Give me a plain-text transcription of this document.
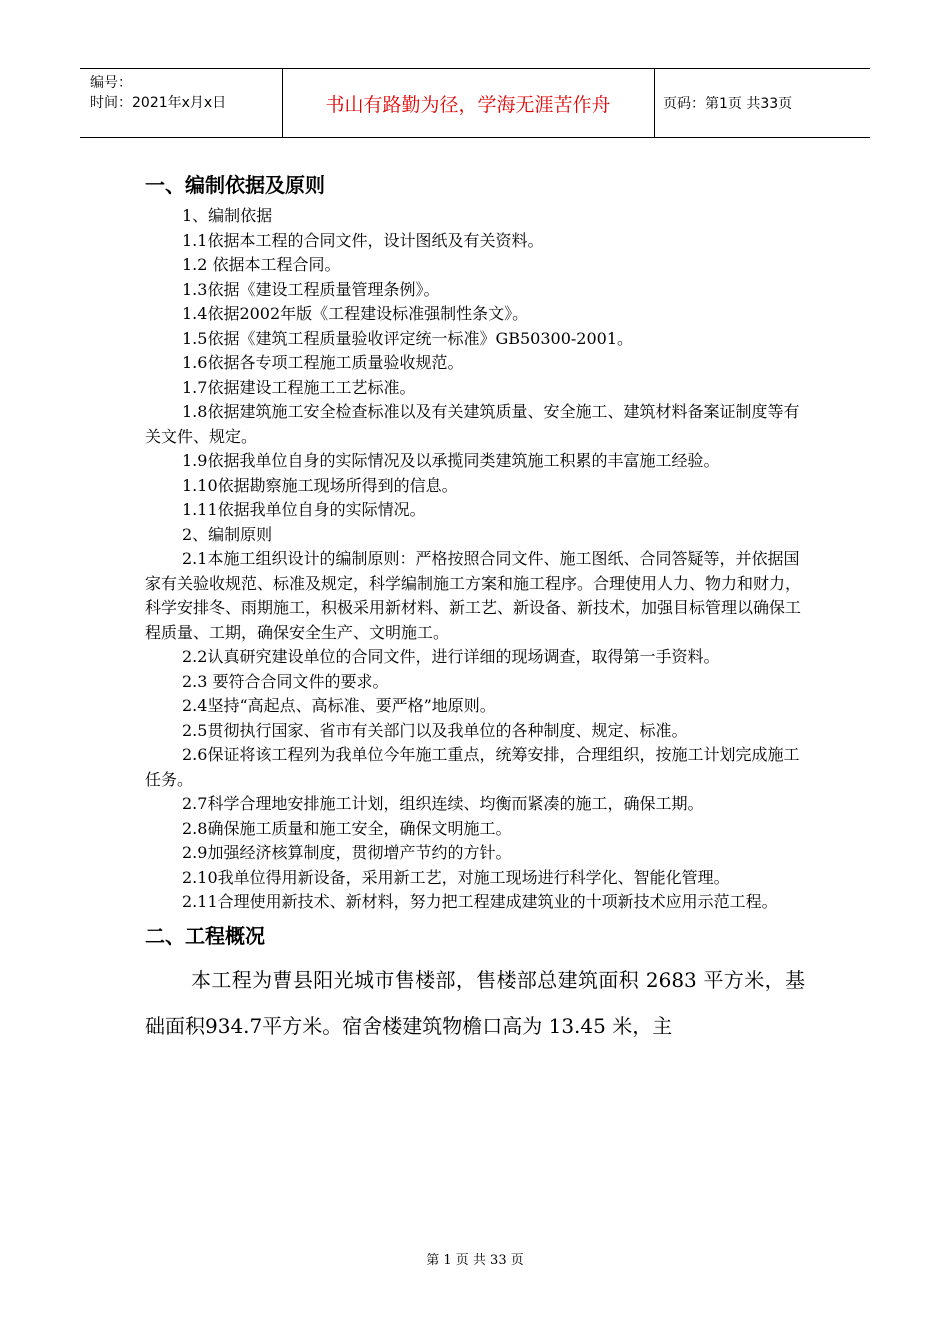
编号：
时间：2021年x月x日	书山有路勤为径，学海无涯苦作舟	页码：第1页 共33页
一、编制依据及原则

1、编制依据

1.1依据本工程的合同文件，设计图纸及有关资料。

1.2 依据本工程合同。

1.3依据《建设工程质量管理条例》。

1.4依据2002年版《工程建设标准强制性条文》。

1.5依据《建筑工程质量验收评定统一标准》GB50300-2001。

1.6依据各专项工程施工质量验收规范。

1.7依据建设工程施工工艺标准。

1.8依据建筑施工安全检查标准以及有关建筑质量、安全施工、建筑材料备案证制度等有关文件、规定。

1.9依据我单位自身的实际情况及以承揽同类建筑施工积累的丰富施工经验。

1.10依据勘察施工现场所得到的信息。

1.11依据我单位自身的实际情况。

2、编制原则

2.1本施工组织设计的编制原则：严格按照合同文件、施工图纸、合同答疑等，并依据国家有关验收规范、标准及规定，科学编制施工方案和施工程序。合理使用人力、物力和财力，科学安排冬、雨期施工，积极采用新材料、新工艺、新设备、新技术，加强目标管理以确保工程质量、工期，确保安全生产、文明施工。

2.2认真研究建设单位的合同文件，进行详细的现场调查，取得第一手资料。

2.3 要符合合同文件的要求。

2.4坚持“高起点、高标准、要严格”地原则。

2.5贯彻执行国家、省市有关部门以及我单位的各种制度、规定、标准。

2.6保证将该工程列为我单位今年施工重点，统筹安排，合理组织，按施工计划完成施工任务。

2.7科学合理地安排施工计划，组织连续、均衡而紧凑的施工，确保工期。

2.8确保施工质量和施工安全，确保文明施工。

2.9加强经济核算制度，贯彻增产节约的方针。

2.10我单位得用新设备，采用新工艺，对施工现场进行科学化、智能化管理。

2.11合理使用新技术、新材料，努力把工程建成建筑业的十项新技术应用示范工程。

二、工程概况

本工程为曹县阳光城市售楼部，售楼部总建筑面积 2683 平方米，基础面积934.7平方米。宿舍楼建筑物檐口高为 13.45 米，主

第 1 页 共 33 页
